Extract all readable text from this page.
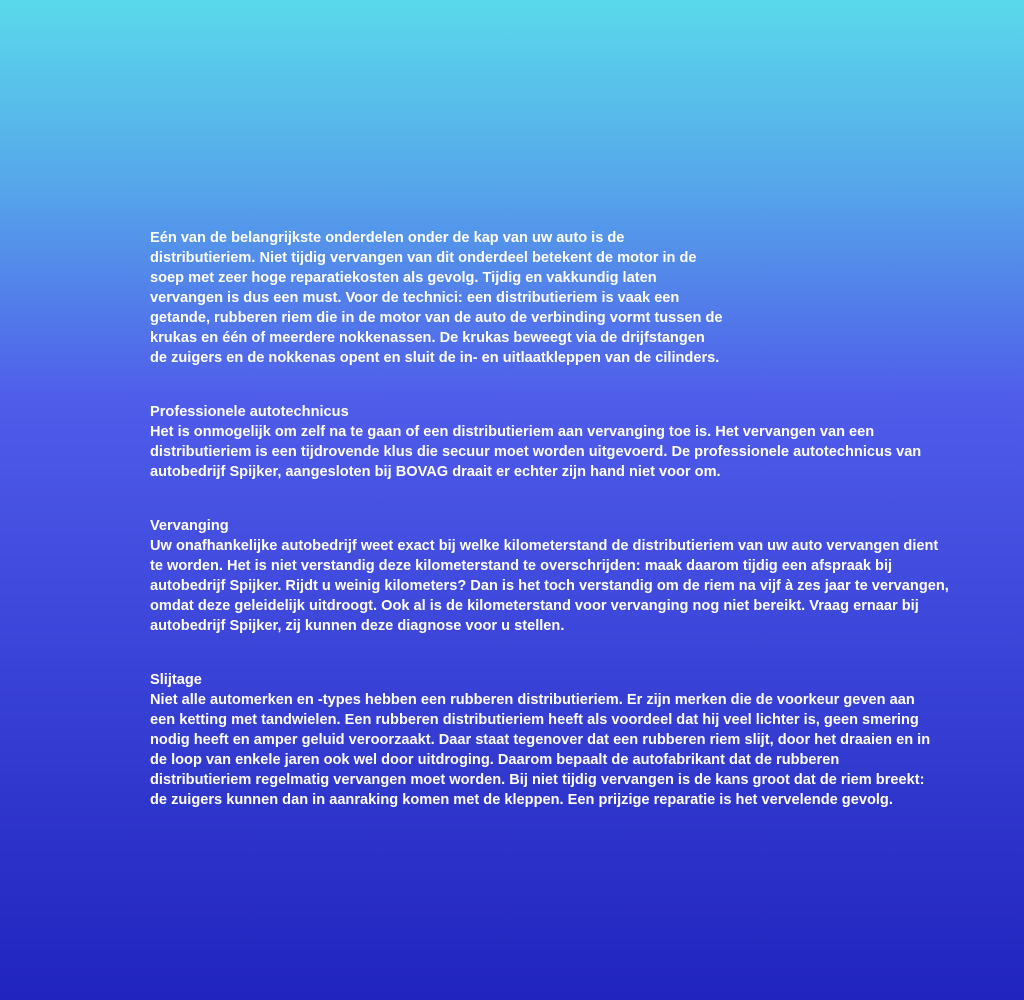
Eén van de belangrijkste onderdelen onder de kap van uw auto is de distributieriem. Niet tijdig vervangen van dit onderdeel betekent de motor in de soep met zeer hoge reparatiekosten als gevolg. Tijdig en vakkundig laten vervangen is dus een must. Voor de technici: een distributieriem is vaak een getande, rubberen riem die in de motor van de auto de verbinding vormt tussen de krukas en één of meerdere nokkenassen. De krukas beweegt via de drijfstangen de zuigers en de nokkenas opent en sluit de in- en uitlaatkleppen van de cilinders.

Professionele autotechnicus

Het is onmogelijk om zelf na te gaan of een distributieriem aan vervanging toe is. Het vervangen van een distributieriem is een tijdrovende klus die secuur moet worden uitgevoerd. De professionele autotechnicus van autobedrijf Spijker, aangesloten bij BOVAG draait er echter zijn hand niet voor om.

Vervanging

Uw onafhankelijke autobedrijf weet exact bij welke kilometerstand de distributieriem van uw auto vervangen dient te worden. Het is niet verstandig deze kilometerstand te overschrijden: maak daarom tijdig een afspraak bij autobedrijf Spijker. Rijdt u weinig kilometers? Dan is het toch verstandig om de riem na vijf à zes jaar te vervangen, omdat deze geleidelijk uitdroogt. Ook al is de kilometerstand voor vervanging nog niet bereikt. Vraag ernaar bij autobedrijf Spijker, zij kunnen deze diagnose voor u stellen.

Slijtage

Niet alle automerken en -types hebben een rubberen distributieriem. Er zijn merken die de voorkeur geven aan een ketting met tandwielen. Een rubberen distributieriem heeft als voordeel dat hij veel lichter is, geen smering nodig heeft en amper geluid veroorzaakt. Daar staat tegenover dat een rubberen riem slijt, door het draaien en in de loop van enkele jaren ook wel door uitdroging. Daarom bepaalt de autofabrikant dat de rubberen distributieriem regelmatig vervangen moet worden. Bij niet tijdig vervangen is de kans groot dat de riem breekt: de zuigers kunnen dan in aanraking komen met de kleppen. Een prijzige reparatie is het vervelende gevolg.
